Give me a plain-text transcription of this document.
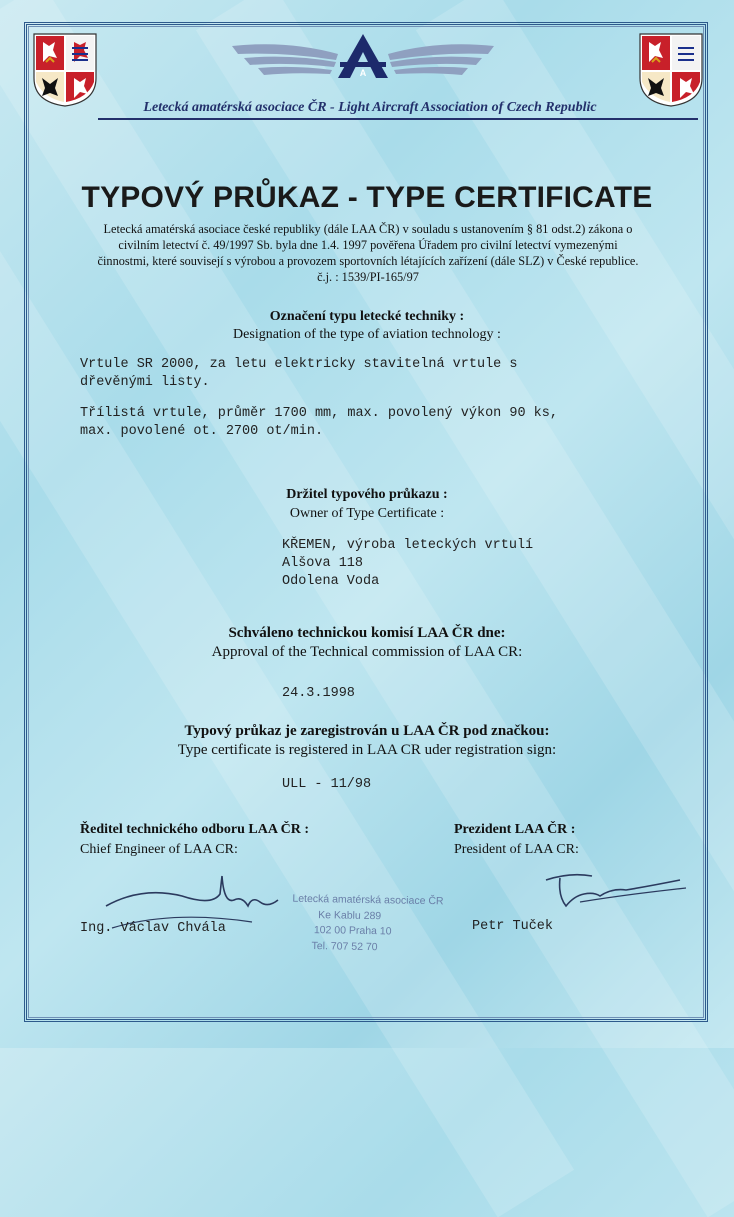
A
Letecká amatérská asociace ČR - Light Aircraft Association of Czech Republic
TYPOVÝ PRŮKAZ - TYPE CERTIFICATE
Letecká amatérská asociace české republiky (dále LAA ČR) v souladu s ustanovením § 81 odst.2) zákona o
civilním letectví č. 49/1997 Sb. byla dne 1.4. 1997 pověřena Úřadem pro civilní letectví vymezenými
činnostmi, které souvisejí s výrobou a provozem sportovních létajících zařízení (dále SLZ) v České republice.
č.j. : 1539/PI-165/97
Označení typu letecké techniky :
Designation of the type of aviation technology :
Vrtule SR 2000, za letu elektricky stavitelná vrtule s
dřevěnými listy.
Třílistá vrtule, průměr 1700 mm, max. povolený výkon 90 ks,
max. povolené ot. 2700 ot/min.
Držitel typového průkazu :
Owner of Type Certificate :
KŘEMEN, výroba leteckých vrtulí
Alšova 118
Odolena Voda
Schváleno technickou komisí LAA ČR dne:
Approval of the Technical commission of LAA CR:
24.3.1998
Typový průkaz je zaregistrován u LAA ČR pod značkou:
Type certificate is registered in LAA CR uder registration sign:
ULL - 11/98
Ředitel technického odboru LAA ČR :
Chief Engineer of LAA CR:
Prezident LAA ČR :
President of LAA CR:
Letecká amatérská asociace ČR
Ke Kablu 289
102 00 Praha 10
Tel. 707 52 70
Ing. Václav Chvála	Petr Tuček
